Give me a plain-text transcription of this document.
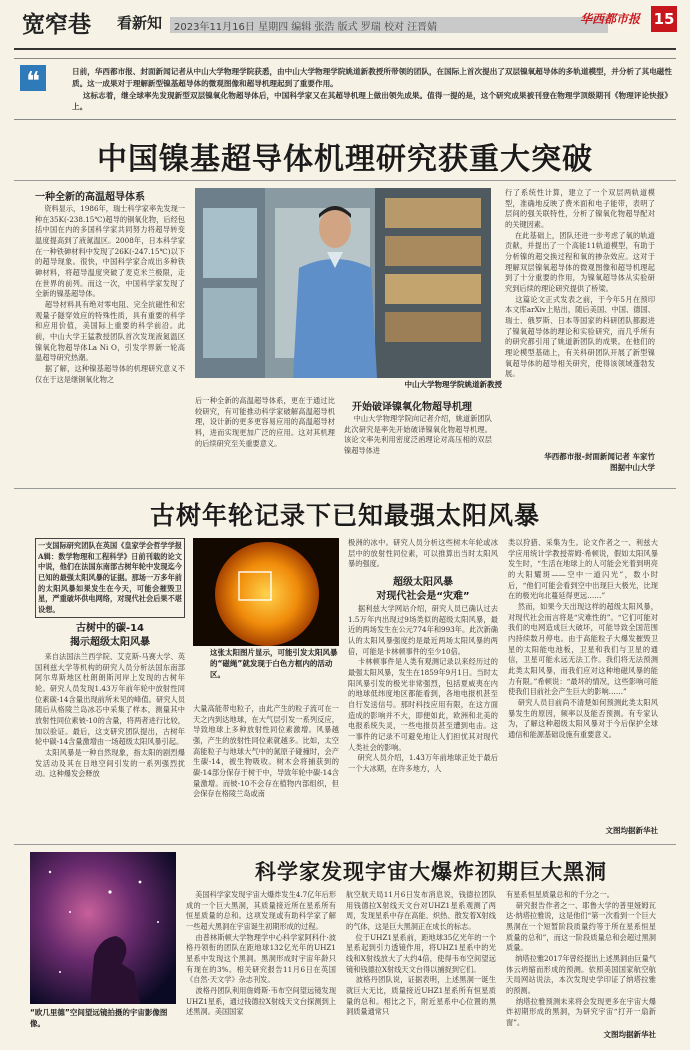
宽窄巷 看新知 2023年11月16日 星期四 编辑 张浩 版式 罗瑞 校对 汪晋婧
华西都市报 15
❝	日前，华西都市报、封面新闻记者从中山大学物理学院获悉，由中山大学物理学院姚道新教授所带领的团队，在国际上首次提出了双层镍氧超导体的多轨道模型，并分析了其电磁性质。这一成果对于理解新型镍基超导体的微观图像和超导机理起到了重要作用。
这标志着，继全球率先发现新型双层镍氧化物超导体后，中国科学家又在其超导机理上做出领先成果。值得一提的是，这个研究成果被刊登在物理学顶级期刊《物理评论快报》上。
中国镍基超导体机理研究获重大突破
一种全新的高温超导体系
资料显示，1986年，瑞士科学家率先发现一种在35K(-238.15℃)超导的铜氧化物，后经包括中国在内的多国科学家共同努力将超导转变温度提高到了液氮温区。2008年，日本科学家在一种铁砷材料中发现了26K(-247.15℃)以下的超导现象。很快，中国科学家合成出多种铁砷材料，将超导温度突破了麦克米兰极限，走在世界的前列。而这一次，中国科学家发现了全新的镍基超导体。
超导材料具有绝对零电阻、完全抗磁性和宏观量子隧穿效应的特殊性质，具有重要的科学和应用价值，美国际上重要的科学前沿。此前，中山大学王猛教授团队首次发现液氮温区镍氧化物超导体La Ni O，引发学界新一轮高温超导研究热潮。
据了解，这种镍基超导体的机理研究意义不仅在于这是继铜氧化物之
中山大学物理学院姚道新教授
后一种全新的高温超导体系，更在于通过比较研究，有可能推动科学家破解高温超导机理，设计新的更多更容易应用的高温超导材料，进而实现更加广泛的应用。这对其机理的后续研究至关重要意义。
开始破译镍氧化物超导机理
中山大学物理学院向记者介绍，姚道新团队此次研究是率先开始破译镍氧化物超导机理。该论文率先利用密度泛函理论对高压相的双层镍超导体进
行了系统性计算，建立了一个双层两轨道模型，准确地反映了费米面和电子能带，表明了层间的强关联特性，分析了镍氧化物超导配对的关键因素。
在此基础上，团队还进一步考虑了氧的轨道贡献，并提出了一个高能11轨道模型，有助于分析镍的超交换过程和氧的掺杂效应。这对于理解双层镍氧超导体的微观图像和超导机理起到了十分重要的作用，为镍氧超导体从实验研究到后续的理论研究提供了桥梁。
这篇论文正式发表之前，于今年5月在预印本文库arXiv上贴出，随后美国、中国、德国、瑞士、俄罗斯、日本等国家的科研团队都跟进了镍氧超导体的理论和实验研究，而几乎所有的研究都引用了姚道新团队的成果。在他们的理论模型基础上，有关科研团队开展了新型镍氧超导体的超导相关研究，使得该领域蓬勃发展。
华西都市报-封面新闻记者 车家竹
图据中山大学
古树年轮记录下已知最强太阳风暴
一支国际研究团队在英国《皇家学会哲学学报A辑：数学物理和工程科学》日前刊载的论文中说，他们在法国东南部古树年轮中发现迄今已知的最强太阳风暴的证据。那场一万多年前的太阳风暴如果发生在今天，可能会摧毁卫星，严重破坏供电网络，对现代社会后果不堪设想。
古树中的碳-14
揭示超级太阳风暴
来自法国法兰西学院、艾克斯-马赛大学、英国利兹大学等机构的研究人员分析法国东南部阿尔卑斯地区杜朗朗斯河岸上发现的古树年轮。研究人员发现1.43万年前年轮中放射性同位素碳-14含量出现前所未见的峰值。研究人员随后从格陵兰岛冰芯中采集了样本，测量其中放射性同位素铍-10的含量，将两者进行比较，加以验证。最后，这支研究团队提出，古树年轮中碳-14含量激增由一场超级太阳风暴引起。
太阳风暴是一种自然现象，指太阳的剧烈爆发活动及其在日地空间引发的一系列强烈扰动。这种爆发会释放
这张太阳图片显示，可能引发太阳风暴的“磁绳”就发现于白色方框内的活动区。
大量高能带电粒子，由此产生的粒子流可在一天之内到达地球，在大气层引发一系列反应，导致地球上多种放射性同位素激增。风暴越强，产生的放射性同位素就越多。比如，太空高能粒子与地球大气中的氮原子碰撞时，会产生碳-14，被生物吸收。树木会将捕获到的碳-14部分保存于树干中，导致年轮中碳-14含量激增。而铍-10不会存在植物内部组织，但会保存在格陵兰岛或南
极洲的冰中。研究人员分析这些树木年轮或冰层中的放射性同位素，可以推算出当时太阳风暴的强度。
超级太阳风暴
对现代社会是“灾难”
据利兹大学网站介绍，研究人员已确认过去1.5万年内出现过9场类似的超级太阳风暴，最近的两场发生在公元774年和993年。此次新确认的太阳风暴强度约是最近两场太阳风暴的两倍，可能是卡林顿事件的至少10倍。
卡林顿事件是人类有观测记录以来经历过的最强太阳风暴，发生在1859年9月1日。当时太阳风暴引发的极光非常强烈，包括夏威夷在内的地球低纬度地区都能看到，各地电报机甚至自行发送信号。那时科技应用有限，在这方面造成的影响并不大，即便如此，欧洲和北美的电报系统失灵，一些电报员甚至遭到电击。这一事件的记录不可避免地让人们担忧其对现代人类社会的影响。
研究人员介绍，1.43万年前地球正处于最后一个大冰期，在许多地方，人
类以狩猎、采集为生。论文作者之一、利兹大学应用统计学教授蒂姆·希顿说，假如太阳风暴发生时，“生活在地球上的人可能会光着到明亮的大阳耀斑——空中一道闪光”，数小时后，“他们可能会看到空中出现巨大极光，比现在的极光向北蔓延得更远……”
然而，如果今天出现这样的超级太阳风暴，对现代社会而言将是“灾难性的”。“它们可能对我们的电网造成巨大破坏，可能导致全国范围内持续数月停电。由于高能粒子大爆发摧毁卫星的太阳能电池板，卫星和我们与卫星的通信，卫星可能永远无法工作。我们将无法预测此类太阳风暴，而我们应对这种地磁风暴的能力有限。”希顿说：“最坏的情况，这些影响可能使我们目前社会产生巨大的影响……”
研究人员目前尚不清楚如何预测此类太阳风暴发生的原因，频率以及能否预测。有专家认为，了解这种超级太阳风暴对于今后保护全球通信和能源基础设施有重要意义。
文图均据新华社
“欧几里德”空间望远镜拍摄的宇宙影像图像。
科学家发现宇宙大爆炸初期巨大黑洞
美国科学家发现宇宙大爆炸发生4.7亿年后形成的一个巨大黑洞，其质量接近所在星系所有恒星质量的总和。这项发现或有助科学家了解一些超大黑洞在宇宙诞生初期形成的过程。
由普林斯顿大学物理学中心科学家阿科什·波格丹领衔的团队在距地球132亿光年的UHZ1星系中发现这个黑洞。黑洞形成时宇宙年龄只有现在的3%。相关研究报告11月6日在英国《自然·天文学》杂志刊发。
波格丹团队利用詹姆斯·韦布空间望远镜发现UHZ1星系，通过钱德拉X射线天文台探测到上述黑洞。美国国家
航空航天局11月6日发布消息说，钱德拉团队用钱德拉X射线天文台对UHZ1星系观测了两周，发现星系中存在高能、炽热、散发着X射线的气体，这是巨大黑洞正在成长的标志。
位于UHZ1星系前，距地球35亿光年的一个星系起到引力透镜作用，将UHZ1星系中的光线和X射线放大了大约4倍，使得韦布空间望远镜和钱德拉X射线天文台得以捕捉到它们。
波格丹团队说，证据表明，上述黑洞一诞生就巨大无比，质量接近UHZ1星系所有恒星质量的总和。相比之下，附近星系中心位置的黑洞质量通常只
有星系恒星质量总和的千分之一。
研究报告作者之一、耶鲁大学的普里娅姆瓦达·纳塔拉雅说，这是他们“第一次看到一个巨大黑洞在一个短暂阶段质量约等于所在星系恒星质量的总和”，而这一阶段质量总和会超过黑洞质量。
纳塔拉雅2017年曾经提出上述黑洞由巨量气体云坍缩而形成的预测。依照美国国家航空航天局网站说法，本次发现史学印证了纳塔拉雅的预测。
纳塔拉雅预测未来将会发现更多在宇宙大爆炸初期形成的黑洞，为研究宇宙“打开一扇新窗”。
文图均据新华社
